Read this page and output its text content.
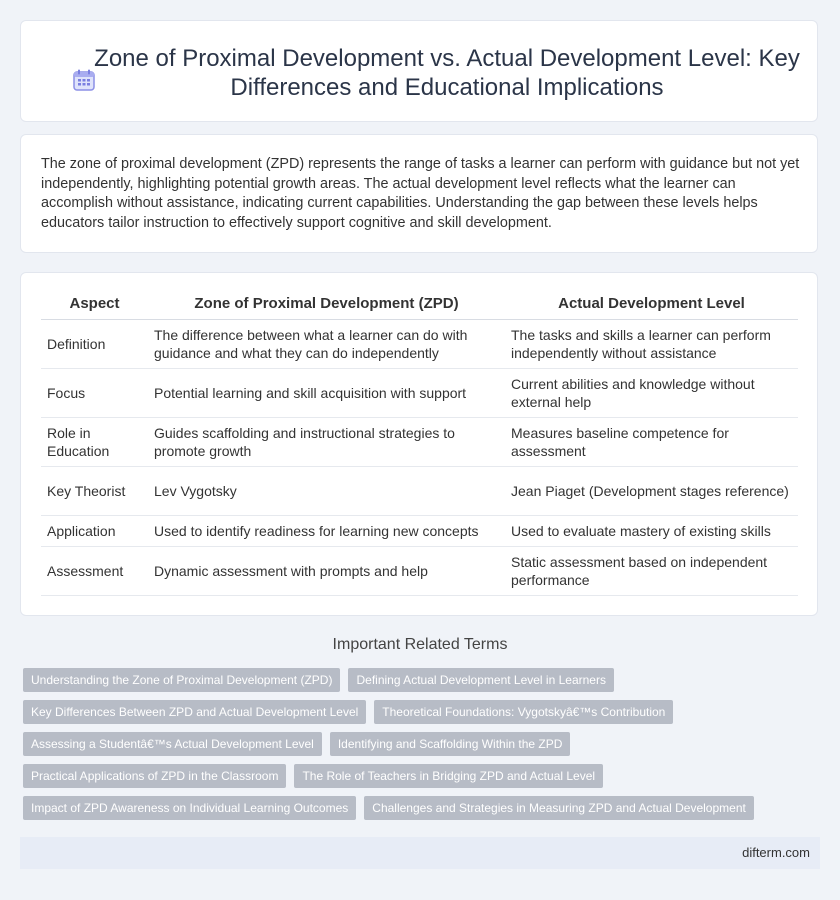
Zone of Proximal Development vs. Actual Development Level: Key Differences and Educational Implications
The zone of proximal development (ZPD) represents the range of tasks a learner can perform with guidance but not yet independently, highlighting potential growth areas. The actual development level reflects what the learner can accomplish without assistance, indicating current capabilities. Understanding the gap between these levels helps educators tailor instruction to effectively support cognitive and skill development.
Aspect	Zone of Proximal Development (ZPD)	Actual Development Level
Definition	The difference between what a learner can do with guidance and what they can do independently	The tasks and skills a learner can perform independently without assistance
Focus	Potential learning and skill acquisition with support	Current abilities and knowledge without external help
Role in Education	Guides scaffolding and instructional strategies to promote growth	Measures baseline competence for assessment
Key Theorist	Lev Vygotsky	Jean Piaget (Development stages reference)
Application	Used to identify readiness for learning new concepts	Used to evaluate mastery of existing skills
Assessment	Dynamic assessment with prompts and help	Static assessment based on independent performance
Important Related Terms
Understanding the Zone of Proximal Development (ZPD)	Defining Actual Development Level in Learners
Key Differences Between ZPD and Actual Development Level	Theoretical Foundations: Vygotskyâ€™s Contribution
Assessing a Studentâ€™s Actual Development Level	Identifying and Scaffolding Within the ZPD
Practical Applications of ZPD in the Classroom	The Role of Teachers in Bridging ZPD and Actual Level
Impact of ZPD Awareness on Individual Learning Outcomes	Challenges and Strategies in Measuring ZPD and Actual Development
difterm.com
